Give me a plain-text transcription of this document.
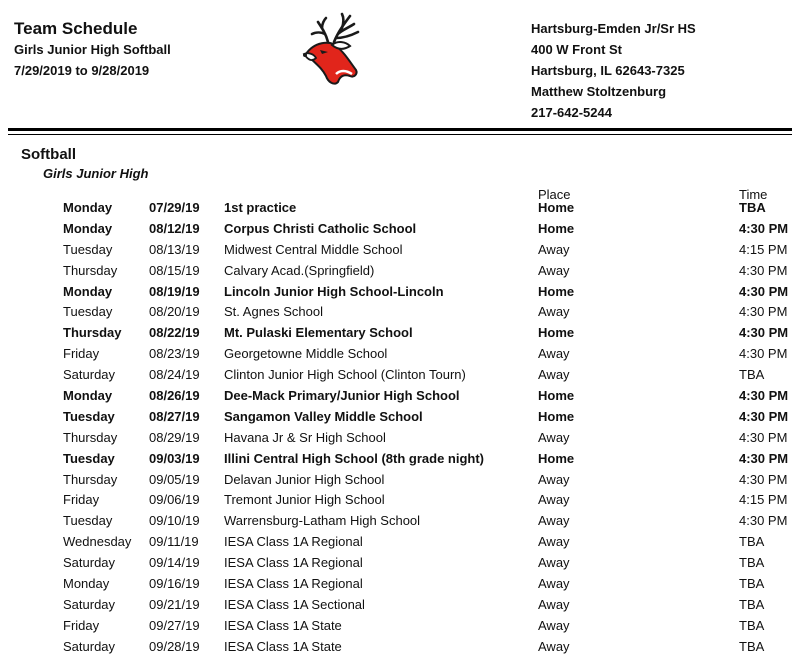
Team Schedule
Girls Junior High Softball
7/29/2019 to 9/28/2019
Hartsburg-Emden Jr/Sr HS
400 W Front St
Hartsburg, IL 62643-7325
Matthew Stoltzenburg
217-642-5244
Softball
Girls Junior High
Place	Time
Monday	07/29/19 1st practice	Home	TBA
Monday	08/12/19 Corpus Christi Catholic School	Home	4:30 PM
Tuesday	08/13/19 Midwest Central Middle School	Away	4:15 PM
Thursday 08/15/19 Calvary Acad.(Springfield)	Away	4:30 PM
Monday	08/19/19 Lincoln Junior High School-Lincoln	Home	4:30 PM
Tuesday	08/20/19 St. Agnes School	Away	4:30 PM
Thursday 08/22/19 Mt. Pulaski Elementary School	Home	4:30 PM
Friday	08/23/19 Georgetowne Middle School	Away	4:30 PM
Saturday	08/24/19 Clinton Junior High School (Clinton Tourn)	Away	TBA
Monday	08/26/19 Dee-Mack Primary/Junior High School	Home	4:30 PM
Tuesday	08/27/19 Sangamon Valley Middle School	Home	4:30 PM
Thursday 08/29/19 Havana Jr & Sr High School	Away	4:30 PM
Tuesday	09/03/19 Illini Central High School (8th grade night)	Home	4:30 PM
Thursday 09/05/19 Delavan Junior High School	Away	4:30 PM
Friday	09/06/19 Tremont Junior High School	Away	4:15 PM
Tuesday	09/10/19 Warrensburg-Latham High School	Away	4:30 PM
Wednesday 09/11/19 IESA Class 1A Regional	Away	TBA
Saturday	09/14/19 IESA Class 1A Regional	Away	TBA
Monday	09/16/19 IESA Class 1A Regional	Away	TBA
Saturday	09/21/19 IESA Class 1A Sectional	Away	TBA
Friday	09/27/19 IESA Class 1A State	Away	TBA
Saturday	09/28/19 IESA Class 1A State	Away	TBA
